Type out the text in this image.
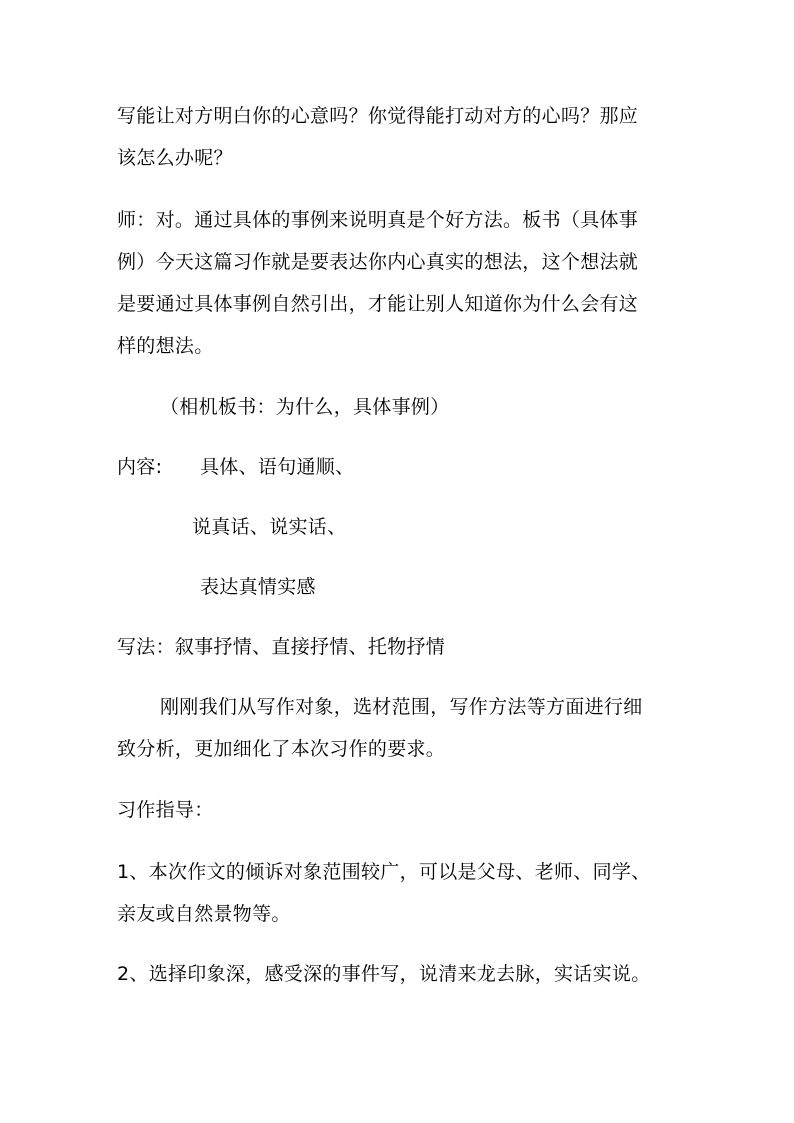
写能让对方明白你的心意吗？你觉得能打动对方的心吗？那应
该怎么办呢？
师：对。通过具体的事例来说明真是个好方法。板书（具体事
例）今天这篇习作就是要表达你内心真实的想法，这个想法就
是要通过具体事例自然引出，才能让别人知道你为什么会有这
样的想法。
（相机板书：为什么，具体事例）
内容: 具体、语句通顺、
说真话、说实话、
表达真情实感
写法：叙事抒情、直接抒情、托物抒情
刚刚我们从写作对象，选材范围，写作方法等方面进行细
致分析，更加细化了本次习作的要求。
习作指导：
1、本次作文的倾诉对象范围较广，可以是父母、老师、同学、
亲友或自然景物等。
2、选择印象深，感受深的事件写，说清来龙去脉，实话实说。
